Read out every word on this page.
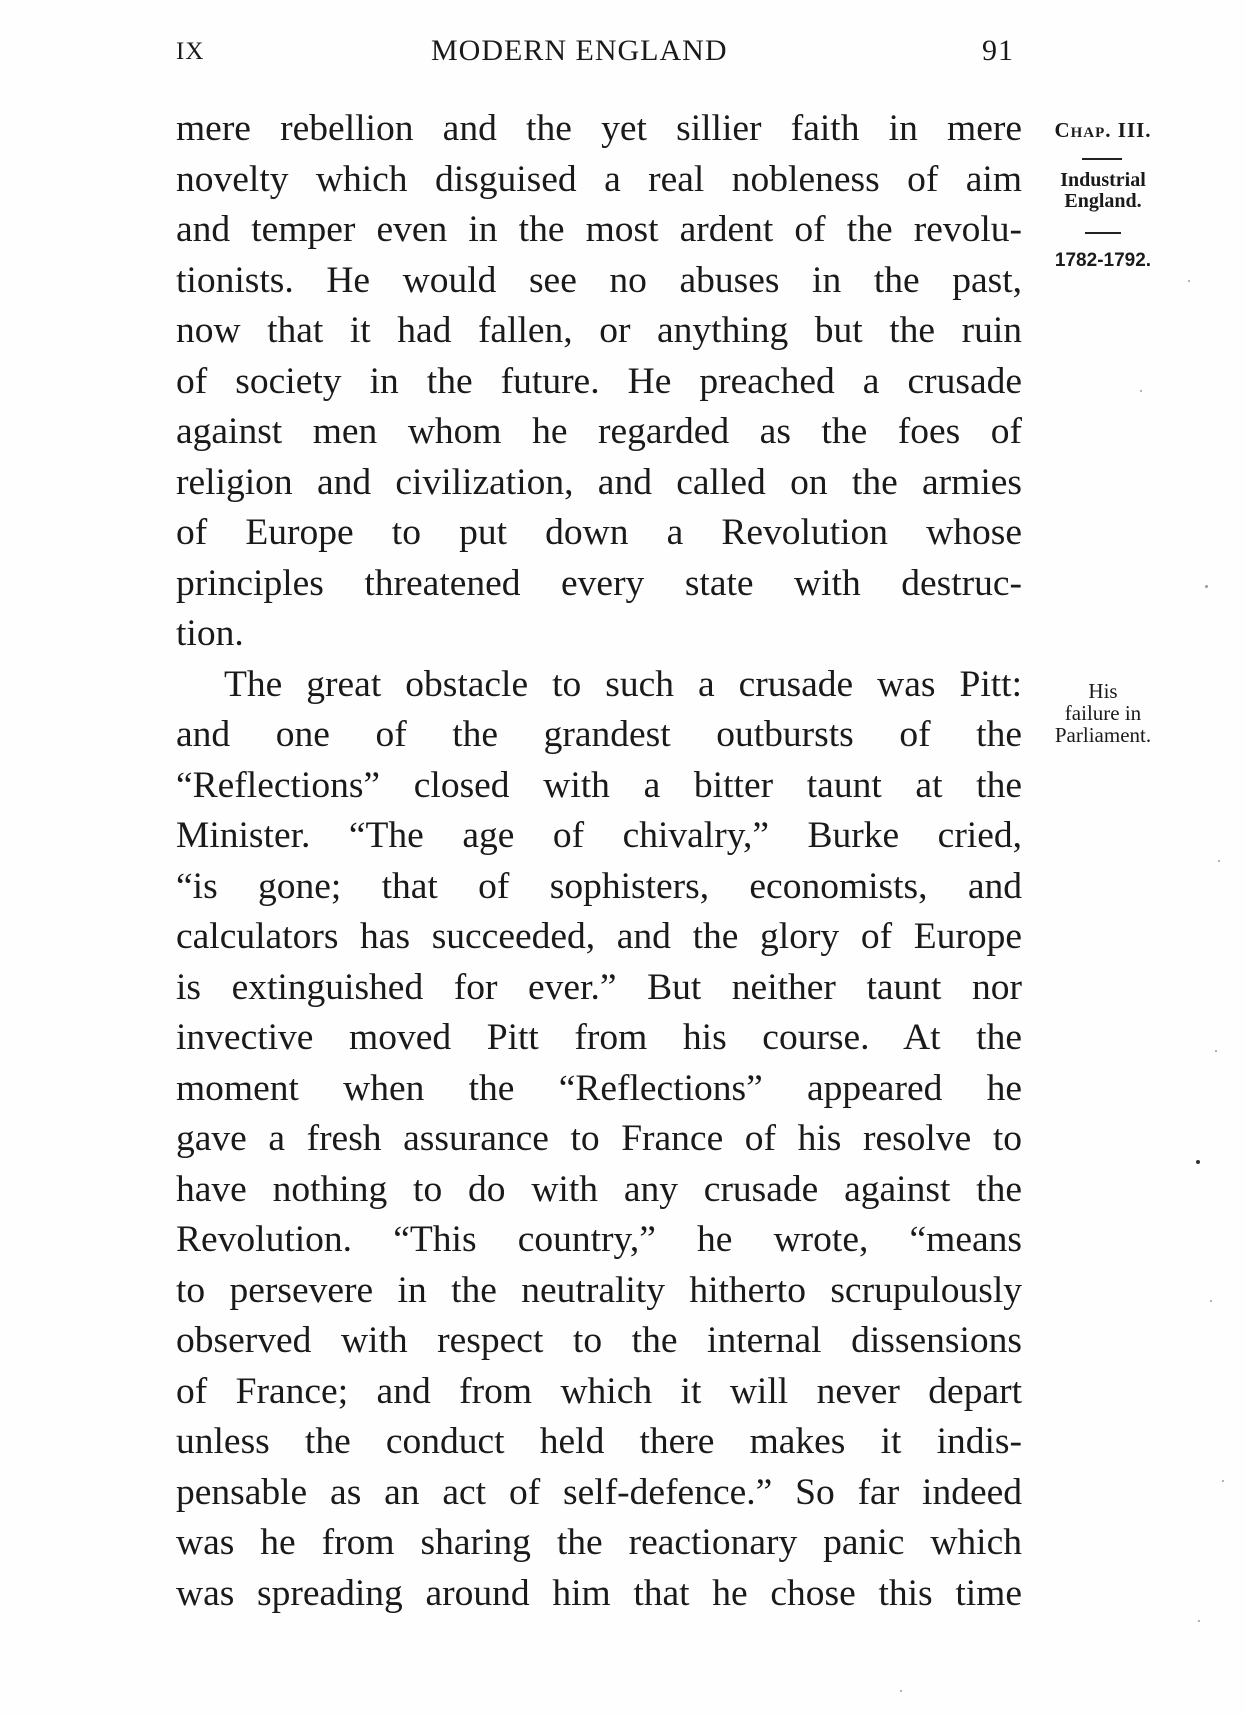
IX	MODERN ENGLAND	91
Chap. III.
Industrial
England.
1782-1792.
His
failure in
Parliament.
mere rebellion and the yet sillier faith in mere
novelty which disguised a real nobleness of aim
and temper even in the most ardent of the revolu-
tionists. He would see no abuses in the past,
now that it had fallen, or anything but the ruin
of society in the future. He preached a crusade
against men whom he regarded as the foes of
religion and civilization, and called on the armies
of Europe to put down a Revolution whose
principles threatened every state with destruc-
tion.
The great obstacle to such a crusade was Pitt:
and one of the grandest outbursts of the
“Reflections” closed with a bitter taunt at the
Minister. “The age of chivalry,” Burke cried,
“is gone; that of sophisters, economists, and
calculators has succeeded, and the glory of Europe
is extinguished for ever.” But neither taunt nor
invective moved Pitt from his course. At the
moment when the “Reflections” appeared he
gave a fresh assurance to France of his resolve to
have nothing to do with any crusade against the
Revolution. “This country,” he wrote, “means
to persevere in the neutrality hitherto scrupulously
observed with respect to the internal dissensions
of France; and from which it will never depart
unless the conduct held there makes it indis-
pensable as an act of self-defence.” So far indeed
was he from sharing the reactionary panic which
was spreading around him that he chose this time
